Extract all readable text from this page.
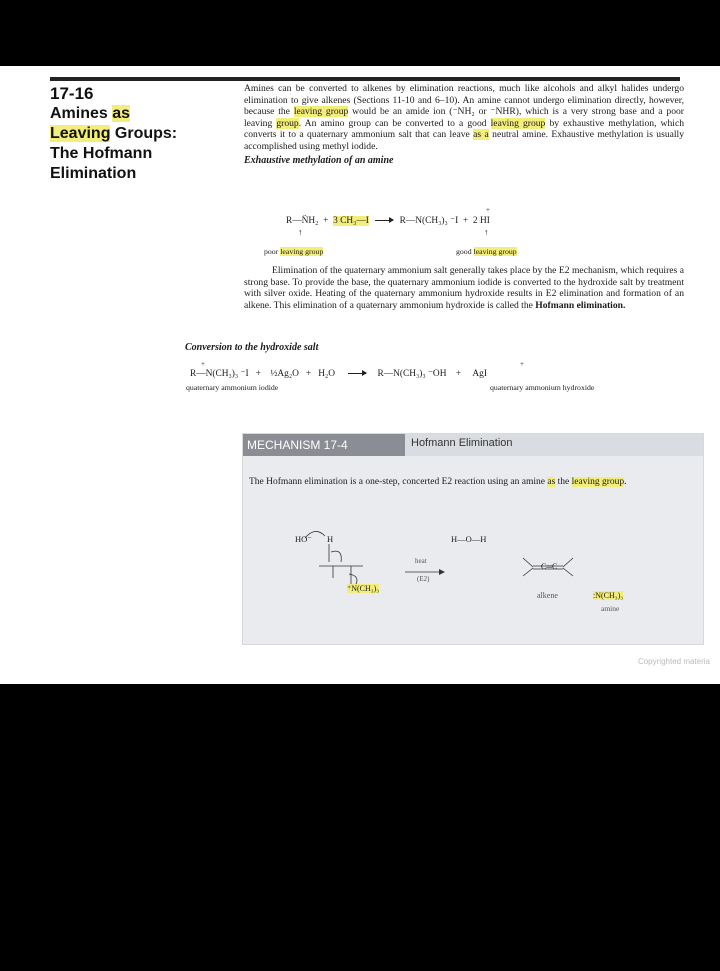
17-16
Amines as
Leaving Groups:
The Hofmann
Elimination

Amines can be converted to alkenes by elimination reactions, much like alcohols and alkyl halides undergo elimination to give alkenes (Sections 11-10 and 6–10). An amine cannot undergo elimination directly, however, because the leaving group would be an amide ion (⁻NH₂ or ⁻NHR), which is a very strong base and a poor leaving group. An amino group can be converted to a good leaving group by exhaustive methylation, which converts it to a quaternary ammonium salt that can leave as a neutral amine. Exhaustive methylation is usually accomplished using methyl iodide.

Exhaustive methylation of an amine

R—N̈H₂ + 3 CH₃—I	R—N(CH₃)₃ ⁻I + 2 HI
+
↑	↑
poor leaving group	good leaving group
Elimination of the quaternary ammonium salt generally takes place by the E2 mechanism, which requires a strong base. To provide the base, the quaternary ammonium iodide is converted to the hydroxide salt by treatment with silver oxide. Heating of the quaternary ammonium hydroxide results in E2 elimination and formation of an alkene. This elimination of a quaternary ammonium hydroxide is called the Hofmann elimination.
Conversion to the hydroxide salt
R—N(CH₃)₃ ⁻I + ½Ag₂O + H₂O	R—N(CH₃)₃ ⁻OH + AgI
+	+
quaternary ammonium iodide	quaternary ammonium hydroxide
MECHANISM 17-4	Hofmann Elimination
The Hofmann elimination is a one-step, concerted E2 reaction using an amine as the leaving group.
HO⁻ H
⁺N(CH₃)₃
heat
(E2)
H—O—H
C═C
alkene	:N(CH₃)₃
amine
Copyrighted materia
